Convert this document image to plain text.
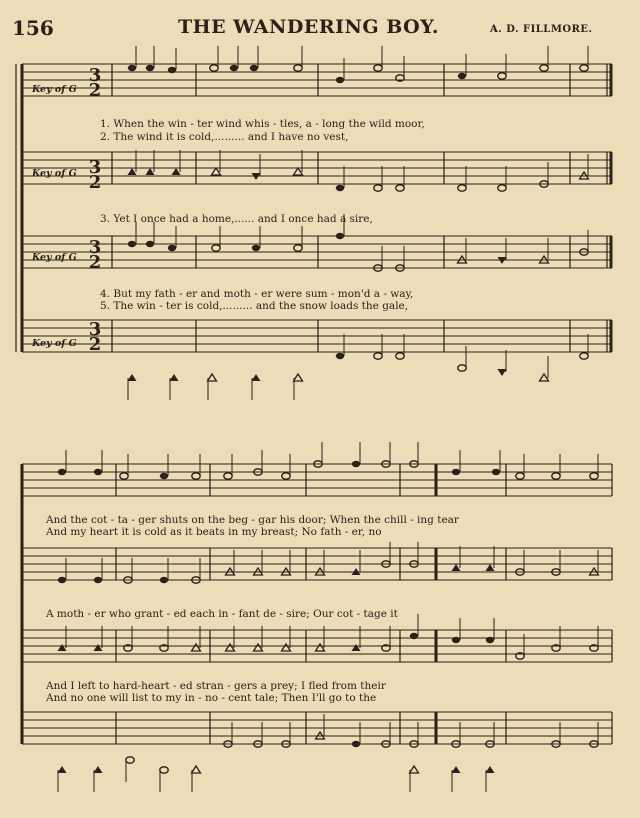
156	THE WANDERING BOY.	A. D. FILLMORE.
Key of G
3
2
Key of G 3
2
Key of G 3
2
Key of G
3
2
1. When the win - ter wind whis - tles, a - long the wild moor,
2. The wind it is cold,......... and I have no vest,
3. Yet I once had a home,...... and I once had a sire,
4. But my fath - er and moth - er were sum - mon'd a - way,
5. The win - ter is cold,......... and the snow loads the gale,
And the cot - ta - ger shuts on the beg - gar his door; When the chill - ing tear
And my heart it is cold as it beats in my breast; No fath - er, no
A moth - er who grant - ed each in - fant de - sire; Our cot - tage it
And I left to hard-heart - ed stran - gers a prey; I fled from their
And no one will list to my in - no - cent tale; Then I'll go to the
